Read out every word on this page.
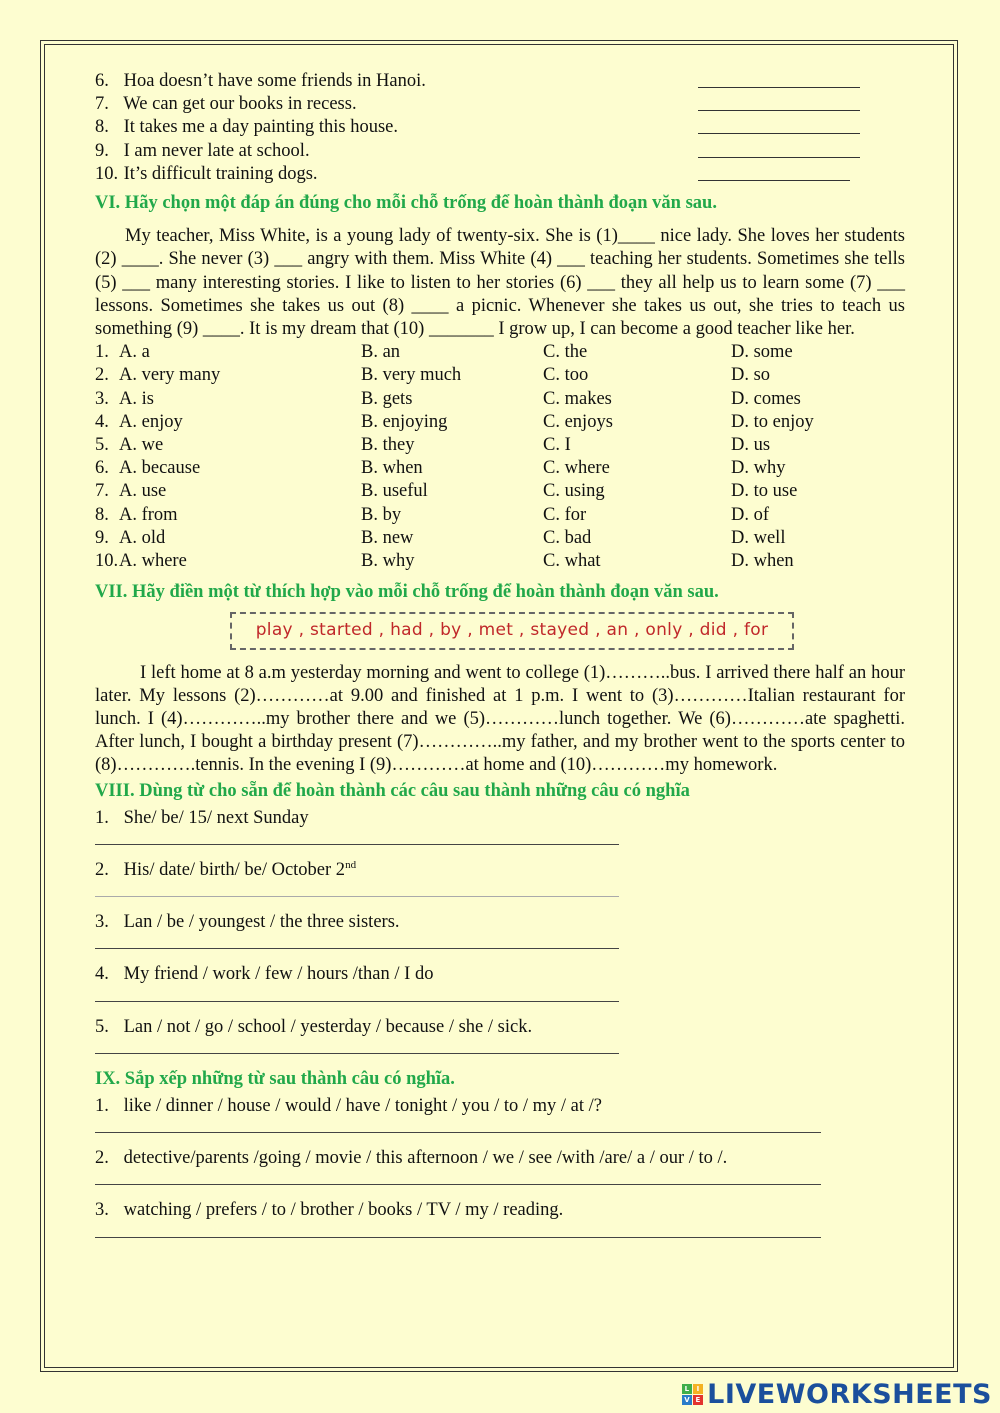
6. Hoa doesn’t have some friends in Hanoi.
7. We can get our books in recess.
8. It takes me a day painting this house.
9. I am never late at school.
10. It’s difficult training dogs.
VI. Hãy chọn một đáp án đúng cho mỗi chỗ trống để hoàn thành đoạn văn sau.

My teacher, Miss White, is a young lady of twenty-six. She is (1)____ nice lady. She loves her students (2) ____. She never (3) ___ angry with them. Miss White (4) ___ teaching her students. Sometimes she tells (5) ___ many interesting stories. I like to listen to her stories (6) ___ they all help us to learn some (7) ___ lessons. Sometimes she takes us out (8) ____ a picnic. Whenever she takes us out, she tries to teach us something (9) ____. It is my dream that (10) _______ I grow up, I can become a good teacher like her.

1. A. a	B. an	C. the	D. some
2. A. very many	B. very much	C. too	D. so
3. A. is	B. gets	C. makes	D. comes
4. A. enjoy	B. enjoying	C. enjoys	D. to enjoy
5. A. we	B. they	C. I	D. us
6. A. because	B. when	C. where	D. why
7. A. use	B. useful	C. using	D. to use
8. A. from	B. by	C. for	D. of
9. A. old	B. new	C. bad	D. well
10. A. where	B. why	C. what	D. when
VII. Hãy điền một từ thích hợp vào mỗi chỗ trống để hoàn thành đoạn văn sau.
play , started , had , by , met , stayed , an , only , did , for

I left home at 8 a.m yesterday morning and went to college (1)………..bus. I arrived there half an hour later. My lessons (2)…………at 9.00 and finished at 1 p.m. I went to (3)…………Italian restaurant for lunch. I (4)…………..my brother there and we (5)…………lunch together. We (6)…………ate spaghetti. After lunch, I bought a birthday present (7)…………..my father, and my brother went to the sports center to (8)………….tennis. In the evening I (9)…………at home and (10)…………my homework.

VIII. Dùng từ cho sẵn để hoàn thành các câu sau thành những câu có nghĩa
1. She/ be/ 15/ next Sunday
2. His/ date/ birth/ be/ October 2nd
3. Lan / be / youngest / the three sisters.
4. My friend / work / few / hours /than / I do
5. Lan / not / go / school / yesterday / because / she / sick.
IX. Sắp xếp những từ sau thành câu có nghĩa.
1. like / dinner / house / would / have / tonight / you / to / my / at /?
2. detective/parents /going / movie / this afternoon / we / see /with /are/ a / our / to /.
3. watching / prefers / to / brother / books / TV / my / reading.
L I
V E LIVEWORKSHEETS
